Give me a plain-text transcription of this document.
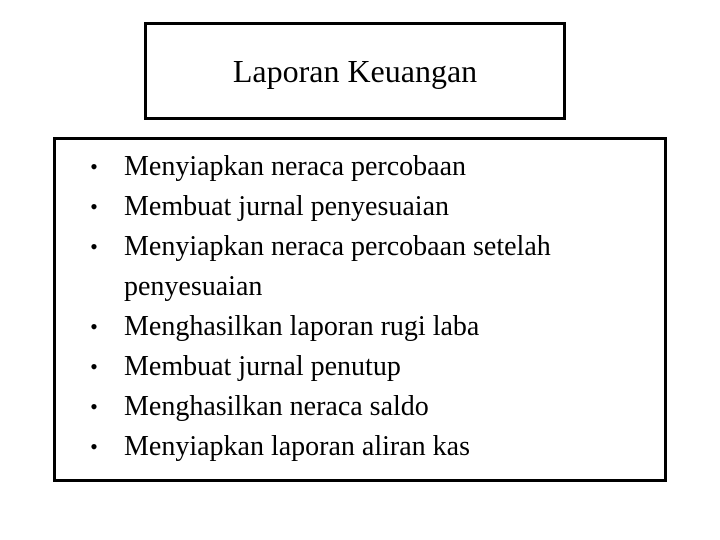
Laporan Keuangan
• Menyiapkan neraca percobaan
• Membuat jurnal penyesuaian
• Menyiapkan neraca percobaan setelah penyesuaian
• Menghasilkan laporan rugi laba
• Membuat jurnal penutup
• Menghasilkan neraca saldo
• Menyiapkan laporan aliran kas
